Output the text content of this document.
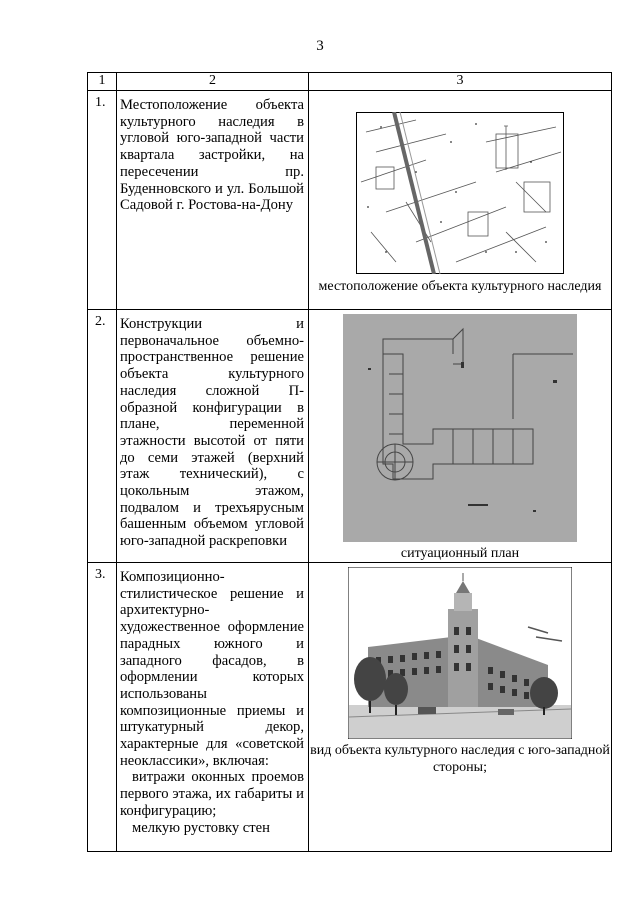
3
1	2	3

1.	Местоположение объекта культурного наследия в угловой юго-западной части квартала застройки, на пересечении пр. Буденновского и ул. Большой Садовой г. Ростова-на-Дону	местоположение объекта культурного наследия

2.	Конструкции и первоначальное объемно-пространственное решение объекта культурного наследия сложной П-образной конфигурации в плане, переменной этажности высотой от пяти до семи этажей (верхний этаж технический), с цокольным этажом, подвалом и трехъярусным башенным объемом угловой юго-западной раскреповки	ситуационный план

3.	Композиционно-стилистическое решение и архитектурно-художественное оформление парадных южного и западного фасадов, в оформлении которых использованы композиционные приемы и штукатурный декор, характерные для «советской неоклассики», включая:

витражи оконных проемов первого этажа, их габариты и конфигурацию;

мелкую рустовку стен	вид объекта культурного наследия с юго-западной стороны;
